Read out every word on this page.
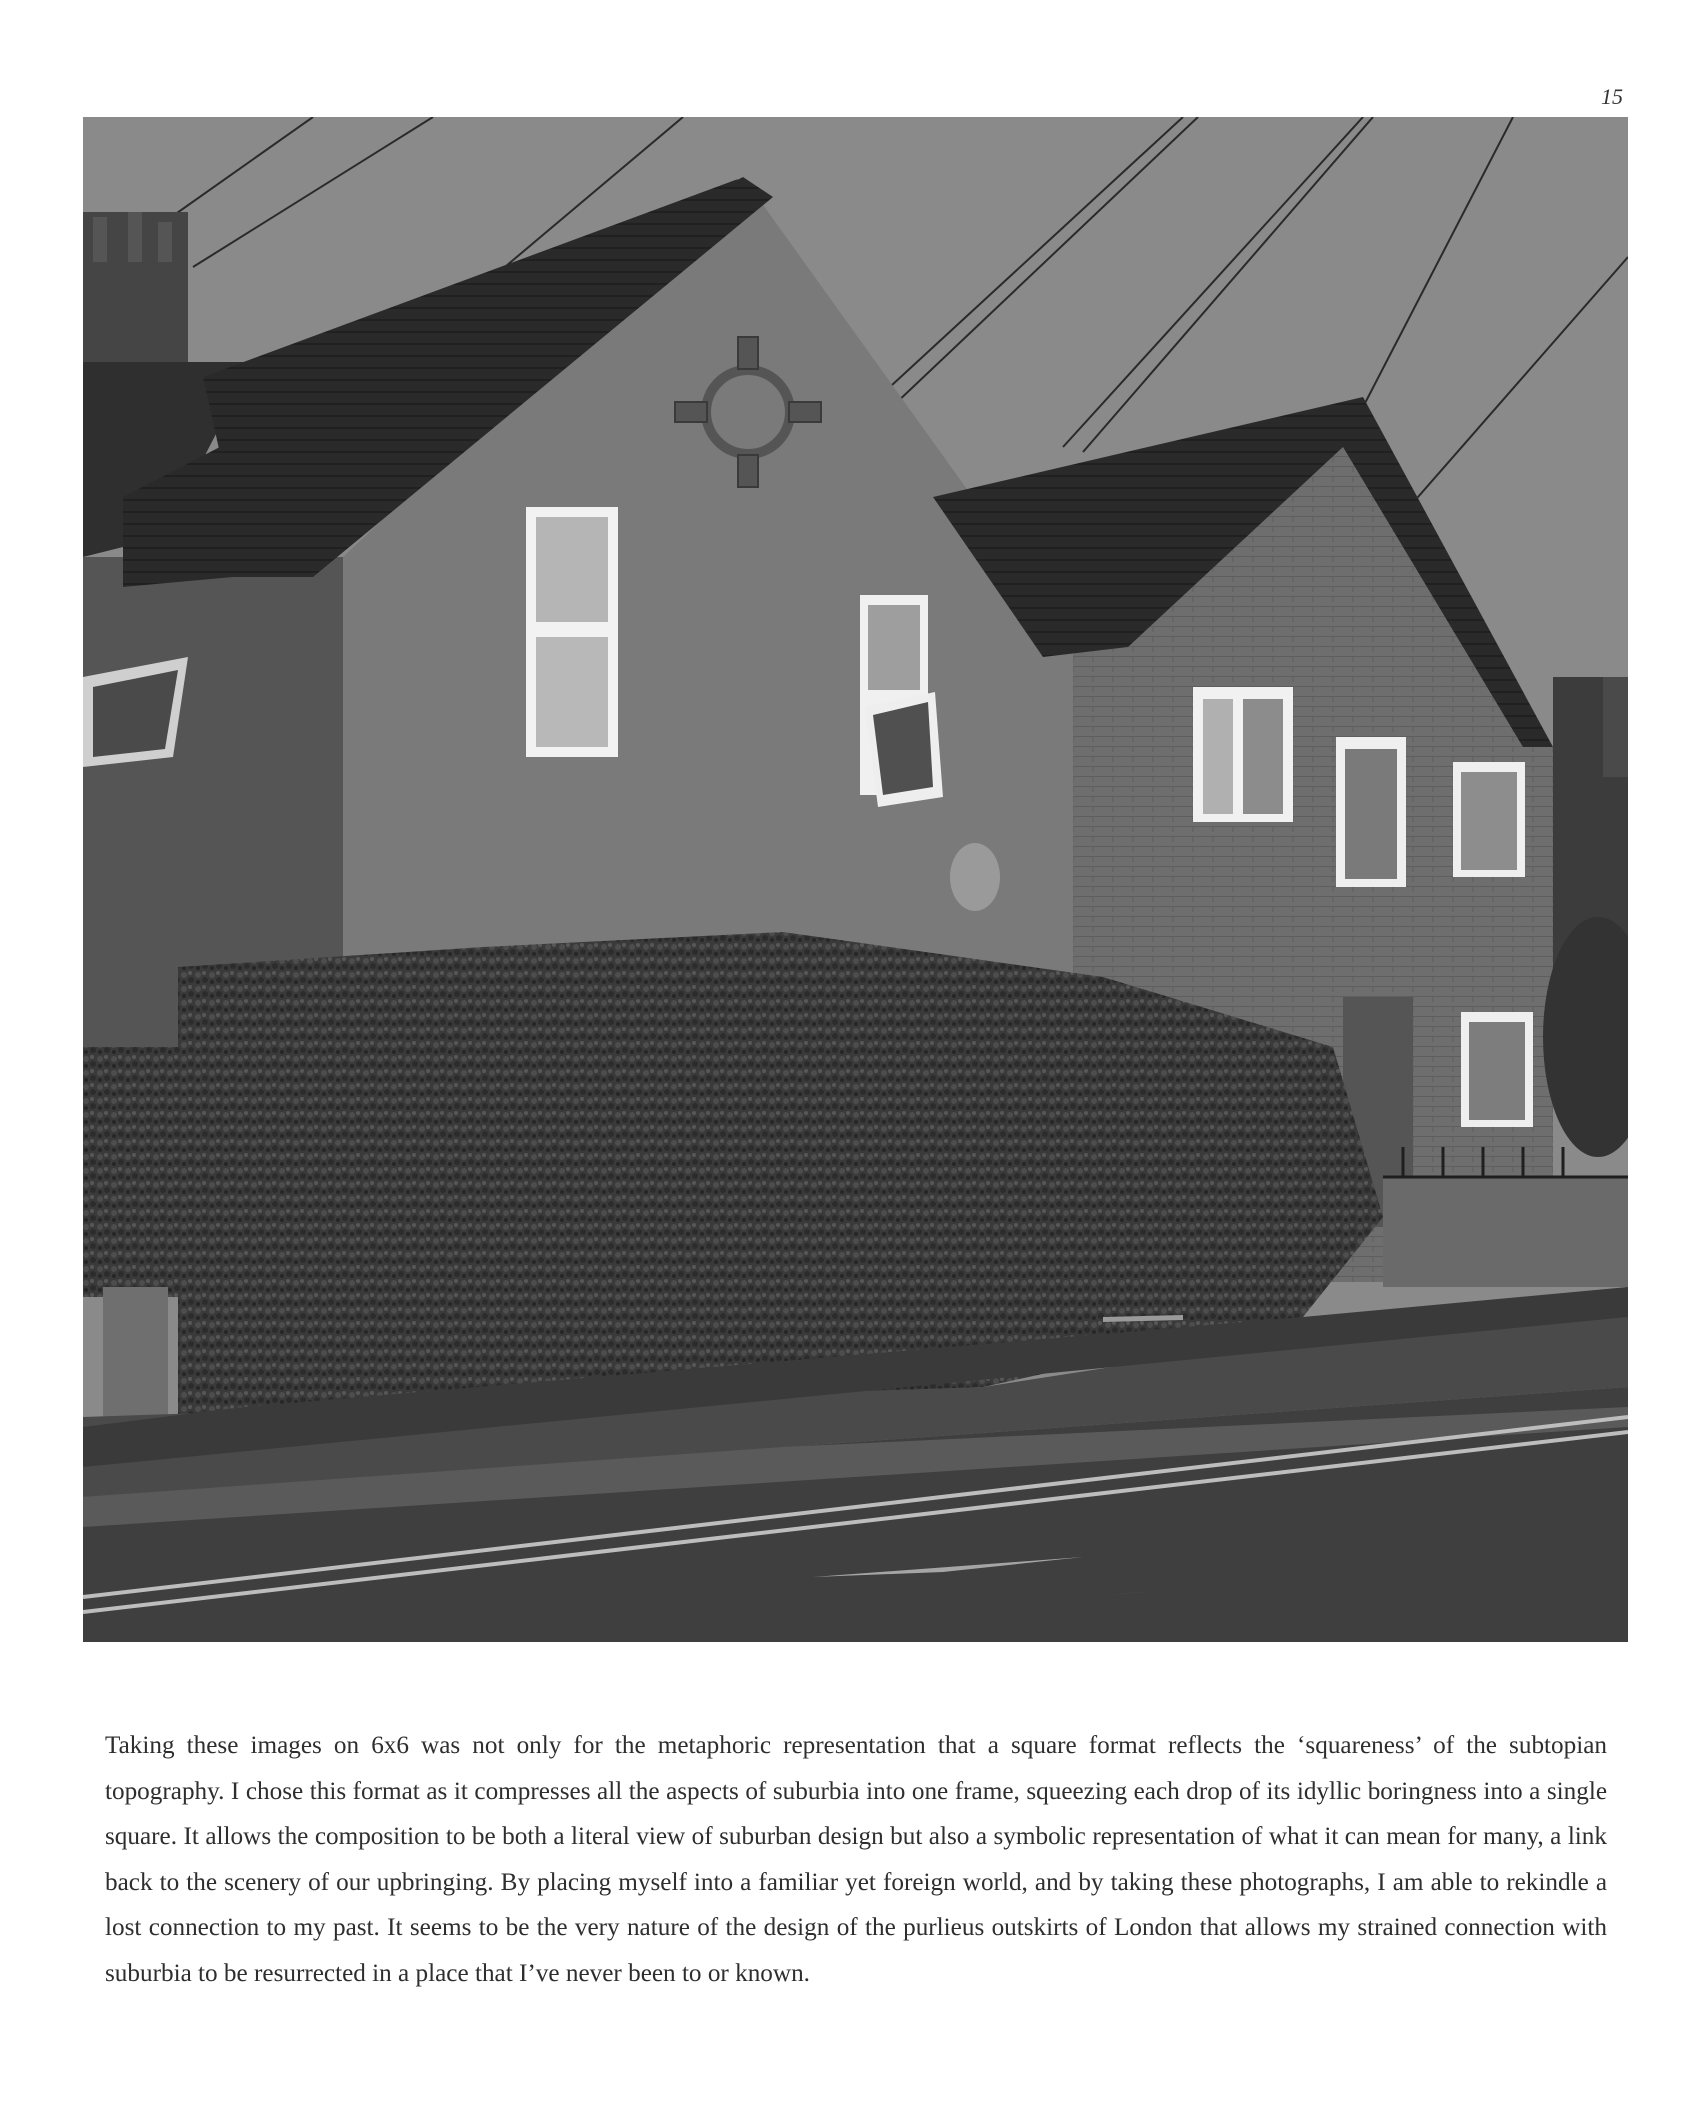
15
Taking these images on 6x6 was not only for the metaphoric representation that a square format reflects the ‘squareness’ of the subtopian topography. I chose this format as it compresses all the aspects of suburbia into one frame, squeezing each drop of its idyllic boringness into a single square. It allows the composition to be both a literal view of suburban design but also a symbolic representation of what it can mean for many, a link back to the scenery of our upbringing. By placing myself into a familiar yet foreign world, and by taking these photographs, I am able to rekindle a lost connection to my past. It seems to be the very nature of the design of the purlieus outskirts of London that allows my strained connection with suburbia to be resurrected in a place that I’ve never been to or known.
